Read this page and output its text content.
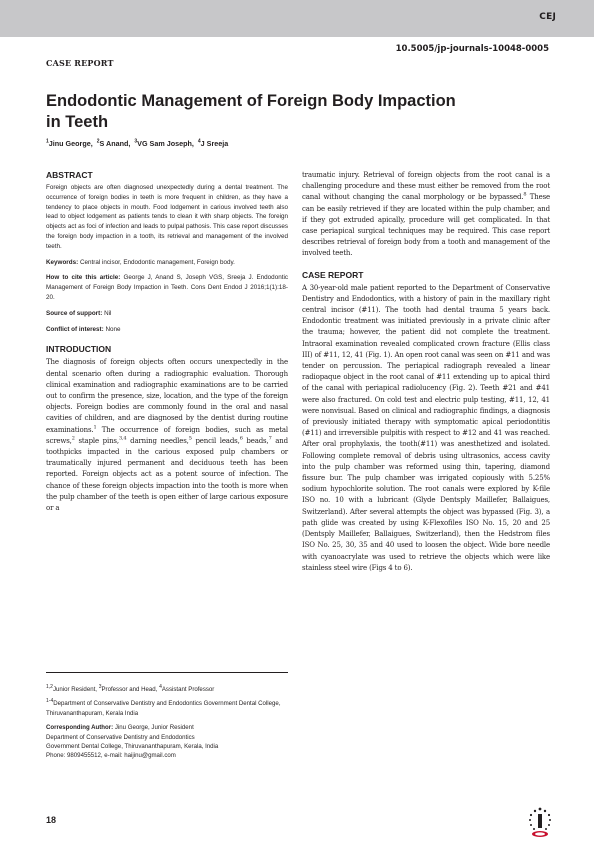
CEJ
10.5005/jp-journals-10048-0005
CASE REPORT
Endodontic Management of Foreign Body Impaction in Teeth
$^1$Jinu George, $^2$S Anand, $^3$VG Sam Joseph, $^4$J Sreeja
ABSTRACT

Foreign objects are often diagnosed unexpectedly during a dental treatment. The occurrence of foreign bodies in teeth is more frequent in children, as they have a tendency to place objects in mouth. Food lodgement in carious involved teeth also lead to object lodgement as patients tends to clean it with sharp objects. The foreign objects act as foci of infection and leads to pulpal pathosis. This case report discusses the foreign body impaction in a tooth, its retrieval and management of the involved teeth.

Keywords: Central incisor, Endodontic management, Foreign body.

How to cite this article: George J, Anand S, Joseph VGS, Sreeja J. Endodontic Management of Foreign Body Impaction in Teeth. Cons Dent Endod J 2016;1(1):18-20.

Source of support: Nil

Conflict of interest: None

INTRODUCTION

The diagnosis of foreign objects often occurs unexpectedly in the dental scenario often during a radiographic evaluation. Thorough clinical examination and radiographic examinations are to be carried out to confirm the presence, size, location, and the type of the foreign objects. Foreign bodies are commonly found in the oral and nasal cavities of children, and are diagnosed by the dentist during routine examinations.$^1$ The occurrence of foreign bodies, such as metal screws,$^2$ staple pins,$^{3,4}$ darning needles,$^5$ pencil leads,$^6$ beads,$^7$ and toothpicks impacted in the carious exposed pulp chambers or traumatically injured permanent and deciduous teeth has been reported. Foreign objects act as a potent source of infection. The chance of these foreign objects impaction into the tooth is more when the pulp chamber of the teeth is open either of large carious exposure or a

traumatic injury. Retrieval of foreign objects from the root canal is a challenging procedure and these must either be removed from the root canal without changing the canal morphology or be bypassed.$^8$ These can be easily retrieved if they are located within the pulp chamber, and if they got extruded apically, procedure will get complicated. In that case periapical surgical techniques may be required. This case report describes retrieval of foreign body from a tooth and management of the involved teeth.

CASE REPORT

A 30-year-old male patient reported to the Department of Conservative Dentistry and Endodontics, with a history of pain in the maxillary right central incisor (#11). The tooth had dental trauma 5 years back. Endodontic treatment was initiated previously in a private clinic after the trauma; however, the patient did not complete the treatment. Intraoral examination revealed complicated crown fracture (Ellis class III) of #11, 12, 41 (Fig. 1). An open root canal was seen on #11 and was tender on percussion. The periapical radiograph revealed a linear radiopaque object in the root canal of #11 extending up to apical third of the canal with periapical radiolucency (Fig. 2). Teeth #21 and #41 were also fractured. On cold test and electric pulp testing, #11, 12, 41 were nonvisual. Based on clinical and radiographic findings, a diagnosis of previously initiated therapy with symptomatic apical periodontitis (#11) and irreversible pulpitis with respect to #12 and 41 was reached. After oral prophylaxis, the tooth(#11) was anesthetized and isolated. Following complete removal of debris using ultrasonics, access cavity into the pulp chamber was reformed using thin, tapering, diamond fissure bur. The pulp chamber was irrigated copiously with 5.25% sodium hypochlorite solution. The root canals were explored by K-file ISO no. 10 with a lubricant (Glyde Dentsply Maillefer, Ballaigues, Switzerland). After several attempts the object was bypassed (Fig. 3), a path glide was created by using K-Flexofiles ISO No. 15, 20 and 25 (Dentsply Maillefer, Ballaigues, Switzerland), then the Hedstrom files ISO No. 25, 30, 35 and 40 used to loosen the object. Wide bore needle with cyanoacrylate was used to retrieve the objects which were like stainless steel wire (Figs 4 to 6).

$^{1,2}$Junior Resident, $^3$Professor and Head, $^4$Assistant Professor

$^{1-4}$Department of Conservative Dentistry and Endodontics Government Dental College, Thiruvananthapuram, Kerala India

Corresponding Author: Jinu George, Junior Resident
Department of Conservative Dentistry and Endodontics
Government Dental College, Thiruvananthapuram, Kerala, India
Phone: 9809455512, e-mail: haijinu@gmail.com

18
